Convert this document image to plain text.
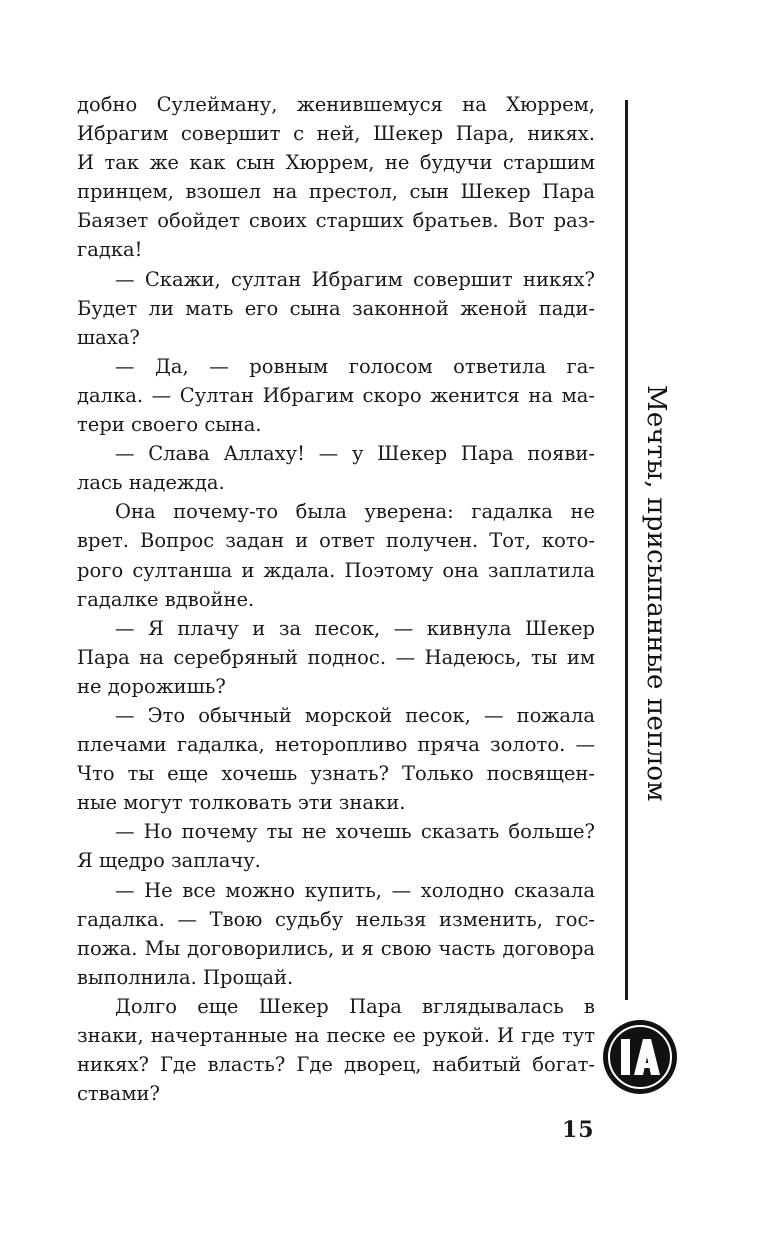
добно Сулейману, женившемуся на Хюррем,
Ибрагим совершит с ней, Шекер Пара, никях.
И так же как сын Хюррем, не будучи старшим
принцем, взошел на престол, сын Шекер Пара
Баязет обойдет своих старших братьев. Вот раз-
гадка!
— Скажи, султан Ибрагим совершит никях?
Будет ли мать его сына законной женой пади-
шаха?
— Да, — ровным голосом ответила га-
далка. — Султан Ибрагим скоро женится на ма-
тери своего сына.
— Слава Аллаху! — у Шекер Пара появи-
лась надежда.
Она почему-то была уверена: гадалка не
врет. Вопрос задан и ответ получен. Тот, кото-
рого султанша и ждала. Поэтому она заплатила
гадалке вдвойне.
— Я плачу и за песок, — кивнула Шекер
Пара на серебряный поднос. — Надеюсь, ты им
не дорожишь?
— Это обычный морской песок, — пожала
плечами гадалка, неторопливо пряча золото. —
Что ты еще хочешь узнать? Только посвящен-
ные могут толковать эти знаки.
— Но почему ты не хочешь сказать больше?
Я щедро заплачу.
— Не все можно купить, — холодно сказала
гадалка. — Твою судьбу нельзя изменить, гос-
пожа. Мы договорились, и я свою часть договора
выполнила. Прощай.
Долго еще Шекер Пара вглядывалась в
знаки, начертанные на песке ее рукой. И где тут
никях? Где власть? Где дворец, набитый богат-
ствами?
Мечты, присыпанные пеплом
15
